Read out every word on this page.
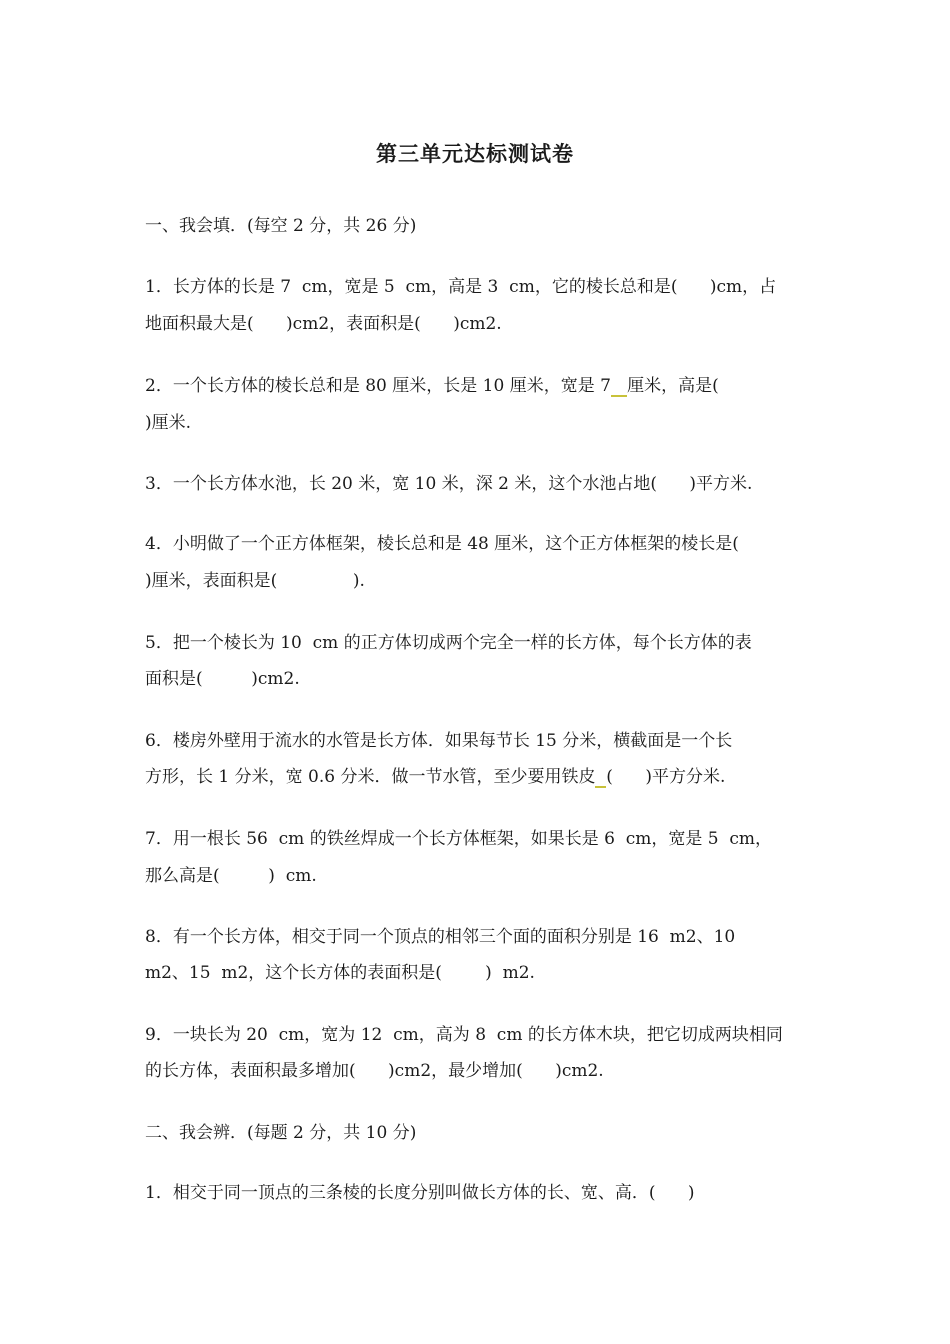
第三单元达标测试卷
一、我会填．(每空 2 分，共 26 分)
1．长方体的长是 7  cm，宽是 5  cm，高是 3  cm，它的棱长总和是(      )cm，占
地面积最大是(      )cm2，表面积是(      )cm2.
2．一个长方体的棱长总和是 80 厘米，长是 10 厘米，宽是 7 厘米，高是(
)厘米.
3．一个长方体水池，长 20 米，宽 10 米，深 2 米，这个水池占地(      )平方米.
4．小明做了一个正方体框架，棱长总和是 48 厘米，这个正方体框架的棱长是(
)厘米，表面积是(              ).
5．把一个棱长为 10  cm 的正方体切成两个完全一样的长方体，每个长方体的表
面积是(         )cm2.
6．楼房外壁用于流水的水管是长方体．如果每节长 15 分米，横截面是一个长
方形，长 1 分米，宽 0.6 分米．做一节水管，至少要用铁皮 (      )平方分米.
7．用一根长 56  cm 的铁丝焊成一个长方体框架，如果长是 6  cm，宽是 5  cm，
那么高是(         )  cm.
8．有一个长方体，相交于同一个顶点的相邻三个面的面积分别是 16  m2、10
m2、15  m2，这个长方体的表面积是(        )  m2.
9．一块长为 20  cm，宽为 12  cm，高为 8  cm 的长方体木块，把它切成两块相同
的长方体，表面积最多增加(      )cm2，最少增加(      )cm2.
二、我会辨．(每题 2 分，共 10 分)
1．相交于同一顶点的三条棱的长度分别叫做长方体的长、宽、高．(      )
